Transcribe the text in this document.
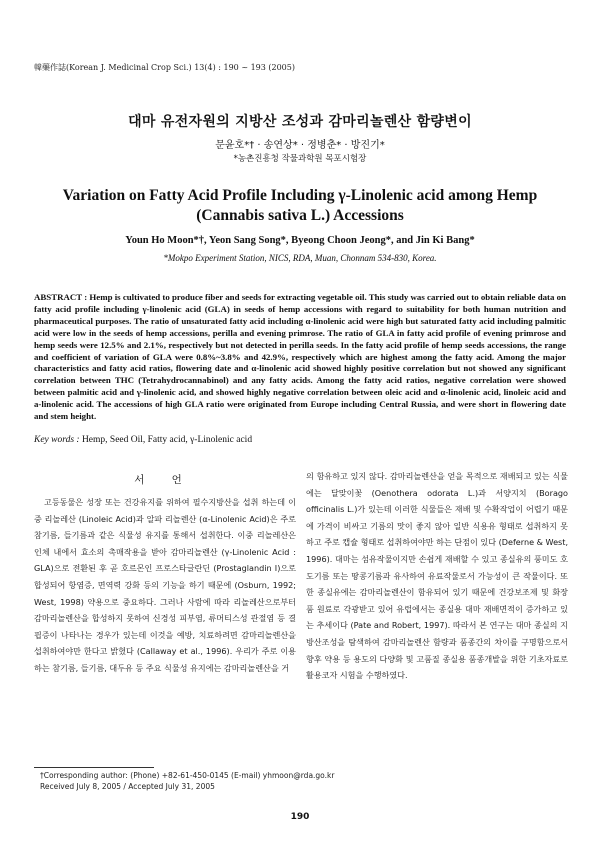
韓藥作誌(Korean J. Medicinal Crop Sci.) 13(4) : 190 ~ 193 (2005)
대마 유전자원의 지방산 조성과 감마리놀렌산 함량변이
문윤호*† · 송연상* · 정병춘* · 방진기*
*농촌진흥청 작물과학원 목포시험장
Variation on Fatty Acid Profile Including γ-Linolenic acid among Hemp (Cannabis sativa L.) Accessions
Youn Ho Moon*†, Yeon Sang Song*, Byeong Choon Jeong*, and Jin Ki Bang*
*Mokpo Experiment Station, NICS, RDA, Muan, Chonnam 534-830, Korea.
ABSTRACT : Hemp is cultivated to produce fiber and seeds for extracting vegetable oil. This study was carried out to obtain reliable data on fatty acid profile including γ-linolenic acid (GLA) in seeds of hemp accessions with regard to suitability for both human nutrition and pharmaceutical purposes. The ratio of unsaturated fatty acid including α-linolenic acid were high but saturated fatty acid including palmitic acid were low in the seeds of hemp accessions, perilla and evening primrose. The ratio of GLA in fatty acid profile of evening primrose and hemp seeds were 12.5% and 2.1%, respectively but not detected in perilla seeds. In the fatty acid profile of hemp seeds accessions, the range and coefficient of variation of GLA were 0.8%~3.8% and 42.9%, respectively which are highest among the fatty acid. Among the major characteristics and fatty acid ratios, flowering date and α-linolenic acid showed highly positive correlation but not showed any significant correlation between THC (Tetrahydrocannabinol) and any fatty acids. Among the fatty acid ratios, negative correlation were showed between palmitic acid and γ-linolenic acid, and showed highly negative correlation between oleic acid and α-linolenic acid, linoleic acid and a-linolenic acid. The accessions of high GLA ratio were originated from Europe including Central Russia, and were short in flowering date and stem height.
Key words : Hemp, Seed Oil, Fatty acid, γ-Linolenic acid
서 언
고등동물은 성장 또는 건강유지를 위하여 필수지방산을 섭취 하는데 이중 리놀레산 (Linoleic Acid)과 알파 리놀렌산 (α-Linolenic Acid)은 주로 참기름, 들기름과 같은 식물성 유지를 통해서 섭취한다. 이중 리놀레산은 인체 내에서 효소의 촉매작용을 받아 감마리놀렌산 (γ-Linolenic Acid : GLA)으로 전환된 후 곧 호르몬인 프로스타글란딘 (Prostaglandin I)으로 합성되어 항염증, 면역력 강화 등의 기능을 하기 때문에 (Osburn, 1992; West, 1998) 약용으로 중요하다. 그러나 사람에 따라 리놀레산으로부터 감마리놀렌산을 합성하지 못하여 신경성 피부염, 류머티스성 관절염 등 결핍증이 나타나는 경우가 있는데 이것을 예방, 치료하려면 감마리놀렌산을 섭취하여야만 한다고 밝혔다 (Callaway et al., 1996). 우리가 주로 이용하는 참기름, 들기름, 대두유 등 주요 식물성 유지에는 감마리놀렌산을 거
의 함유하고 있지 않다. 감마리놀렌산을 얻을 목적으로 재배되고 있는 식물에는 달맞이꽃 (Oenothera odorata L.)과 서양지치 (Borago officinalis L.)가 있는데 이러한 식물들은 재배 및 수확작업이 어렵기 때문에 가격이 비싸고 기름의 맛이 좋지 않아 일반 식용유 형태로 섭취하지 못하고 주로 캡슐 형태로 섭취하여야만 하는 단점이 있다 (Deferne & West, 1996). 대마는 섬유작물이지만 손쉽게 재배할 수 있고 종실유의 풍미도 호도기름 또는 땅콩기름과 유사하여 유료작물로서 가능성이 큰 작물이다. 또한 종실유에는 감마리놀렌산이 함유되어 있기 때문에 건강보조제 및 화장품 원료로 각광받고 있어 유럽에서는 종실용 대마 재배면적이 증가하고 있는 추세이다 (Pate and Robert, 1997). 따라서 본 연구는 대마 종실의 지방산조성을 탐색하여 감마리놀렌산 함량과 품종간의 차이를 구명함으로서 향후 약용 등 용도의 다양화 및 고품질 종실용 품종개발을 위한 기초자료로 활용코자 시험을 수행하였다.
†Corresponding author: (Phone) +82-61-450-0145 (E-mail) yhmoon@rda.go.kr
Received July 8, 2005 / Accepted July 31, 2005
190
